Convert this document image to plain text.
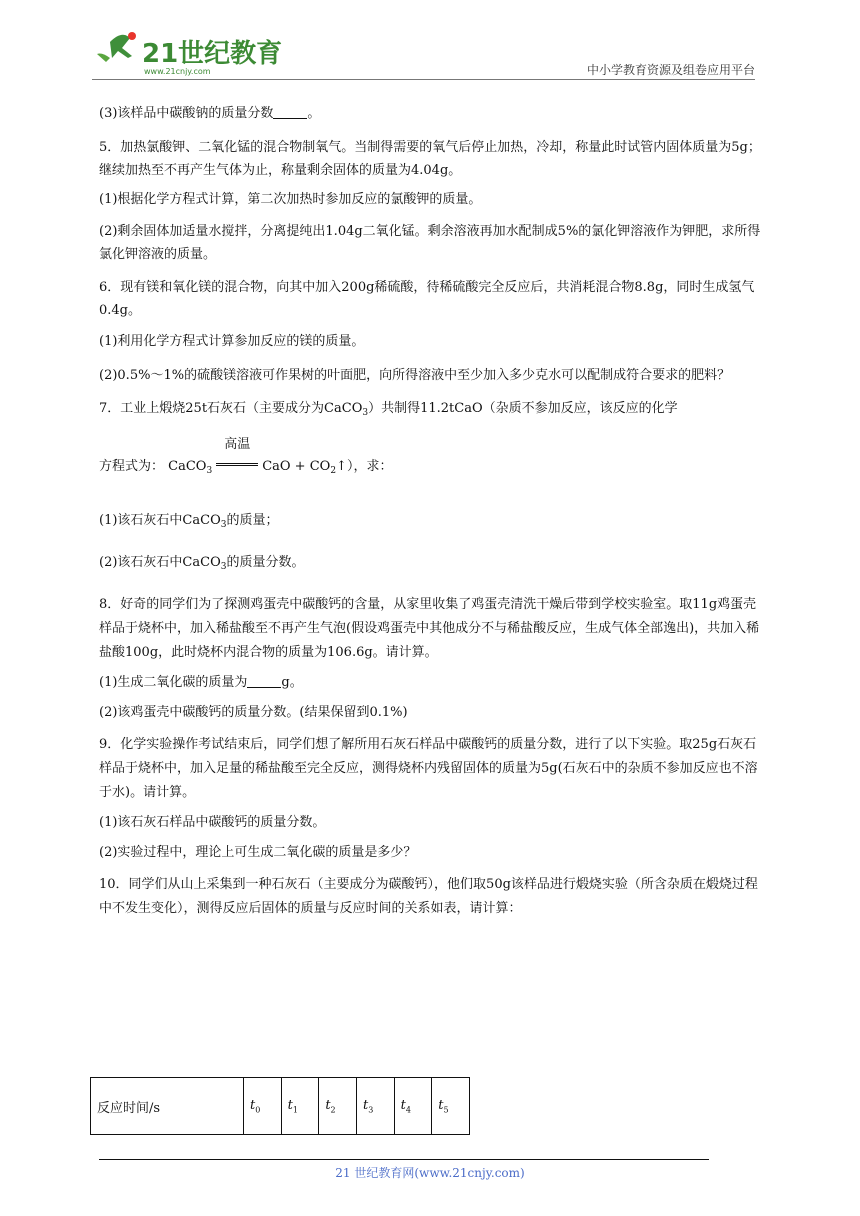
21世纪教育
www.21cnjy.com	中小学教育资源及组卷应用平台

(3)该样品中碳酸钠的质量分数	。

5．加热氯酸钾、二氧化锰的混合物制氧气。当制得需要的氧气后停止加热，冷却，称量此时试管内固体质量为5g；继续加热至不再产生气体为止，称量剩余固体的质量为4.04g。

(1)根据化学方程式计算，第二次加热时参加反应的氯酸钾的质量。

(2)剩余固体加适量水搅拌，分离提纯出1.04g二氧化锰。剩余溶液再加水配制成5%的氯化钾溶液作为钾肥，求所得氯化钾溶液的质量。

6．现有镁和氧化镁的混合物，向其中加入200g稀硫酸，待稀硫酸完全反应后，共消耗混合物8.8g，同时生成氢气0.4g。

(1)利用化学方程式计算参加反应的镁的质量。

(2)0.5%～1%的硫酸镁溶液可作果树的叶面肥，向所得溶液中至少加入多少克水可以配制成符合要求的肥料？

7．工业上煅烧25t石灰石（主要成分为CaCO$_3$）共制得11.2tCaO（杂质不参加反应，该反应的化学

方程式为： CaCO$_3$
高温
CaO + $CO_2↑$），求：

(1)该石灰石中CaCO$_3$的质量；

(2)该石灰石中CaCO$_3$的质量分数。

8．好奇的同学们为了探测鸡蛋壳中碳酸钙的含量，从家里收集了鸡蛋壳清洗干燥后带到学校实验室。取11g鸡蛋壳样品于烧杯中，加入稀盐酸至不再产生气泡(假设鸡蛋壳中其他成分不与稀盐酸反应，生成气体全部逸出)，共加入稀盐酸100g，此时烧杯内混合物的质量为106.6g。请计算。

(1)生成二氧化碳的质量为	g。

(2)该鸡蛋壳中碳酸钙的质量分数。(结果保留到0.1%)

9．化学实验操作考试结束后，同学们想了解所用石灰石样品中碳酸钙的质量分数，进行了以下实验。取25g石灰石样品于烧杯中，加入足量的稀盐酸至完全反应，测得烧杯内残留固体的质量为5g(石灰石中的杂质不参加反应也不溶于水)。请计算。

(1)该石灰石样品中碳酸钙的质量分数。

(2)实验过程中，理论上可生成二氧化碳的质量是多少？

10．同学们从山上采集到一种石灰石（主要成分为碳酸钙），他们取50g该样品进行煅烧实验（所含杂质在煅烧过程中不发生变化），测得反应后固体的质量与反应时间的关系如表，请计算：

反应时间/s	$t_0$	$t_1$	$t_2$	$t_3$	$t_4$	$t_5$
21 世纪教育网(www.21cnjy.com)
